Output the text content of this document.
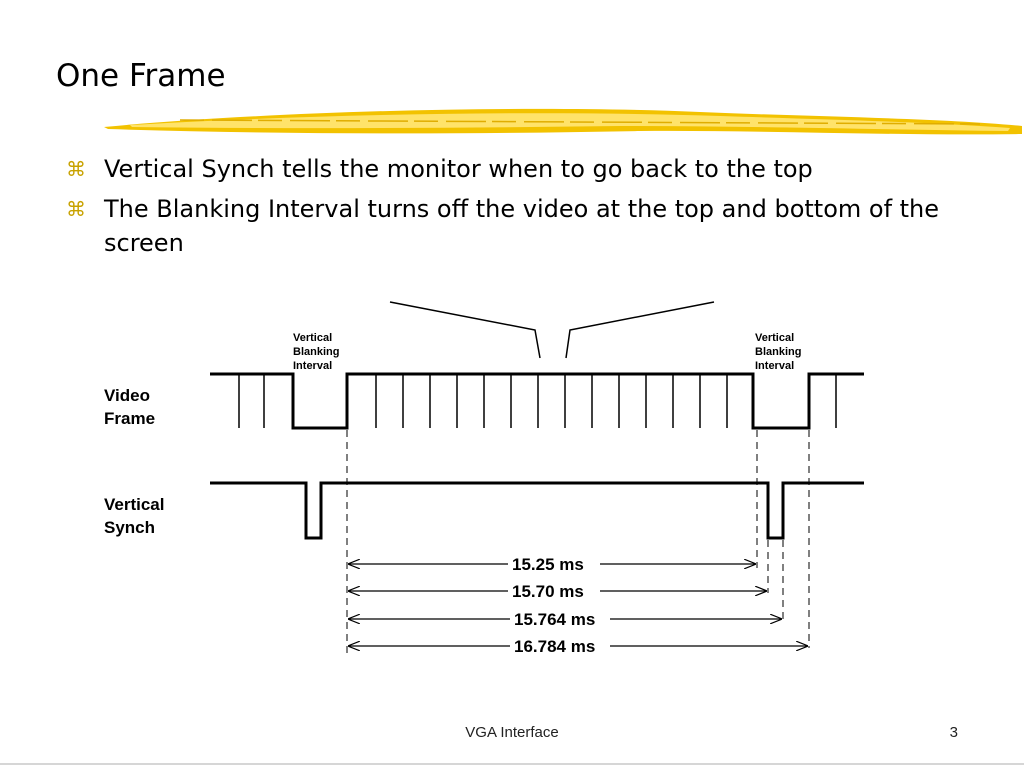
One Frame
⌘ Vertical Synch tells the monitor when to go back to the top
⌘ The Blanking Interval turns off the video at the top and bottom of the screen
Video Frame
Vertical Synch
Vertical Blanking Interval
Vertical Blanking Interval
15.25 ms
15.70 ms
15.764 ms
16.784 ms
VGA Interface	3
